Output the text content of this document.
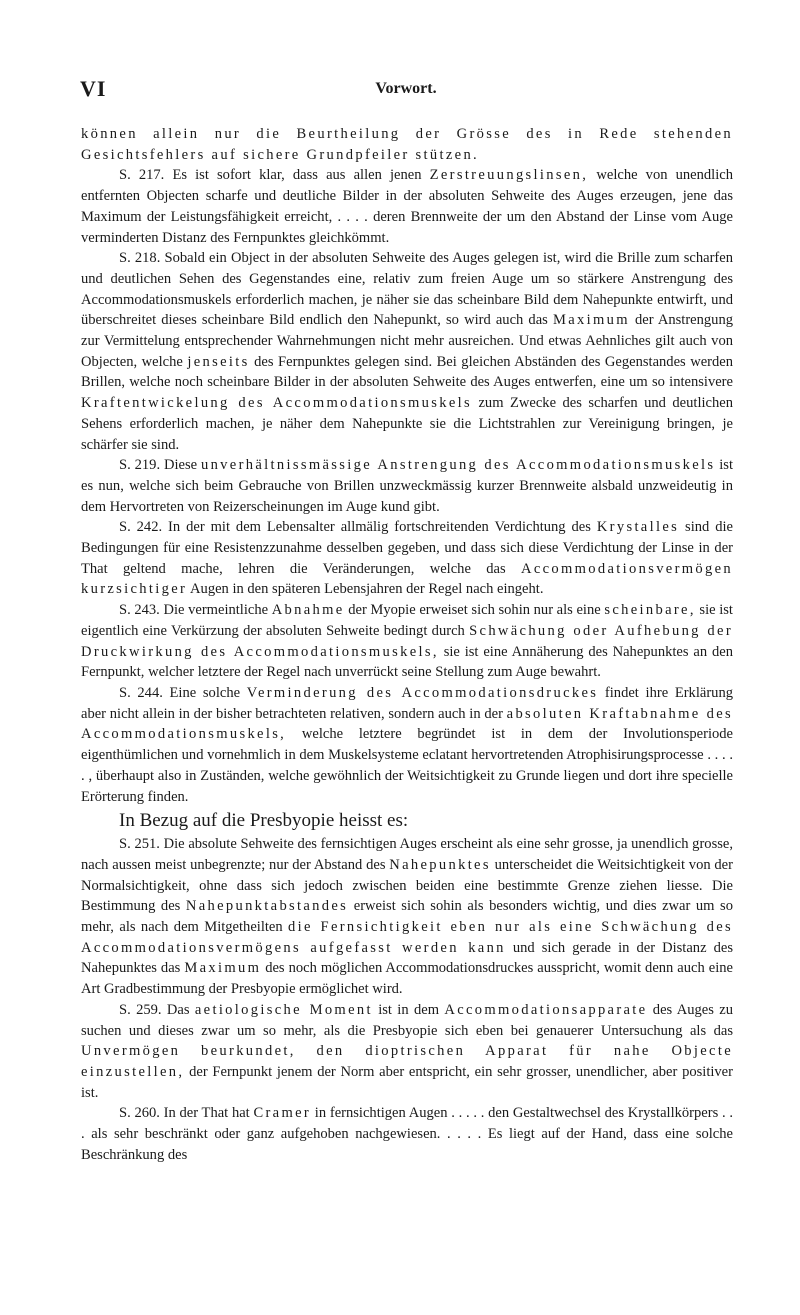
VI	Vorwort.

können allein nur die Beurtheilung der Grösse des in Rede stehenden Gesichtsfehlers auf sichere Grundpfeiler stützen.

S. 217. Es ist sofort klar, dass aus allen jenen Zerstreuungslinsen, welche von unendlich entfernten Objecten scharfe und deutliche Bilder in der absoluten Sehweite des Auges erzeugen, jene das Maximum der Leistungsfähigkeit erreicht, . . . . deren Brennweite der um den Abstand der Linse vom Auge verminderten Distanz des Fernpunktes gleichkömmt.

S. 218. Sobald ein Object in der absoluten Sehweite des Auges gelegen ist, wird die Brille zum scharfen und deutlichen Sehen des Gegenstandes eine, relativ zum freien Auge um so stärkere Anstrengung des Accommodationsmuskels erforderlich machen, je näher sie das scheinbare Bild dem Nahepunkte entwirft, und überschreitet dieses scheinbare Bild endlich den Nahepunkt, so wird auch das Maximum der Anstrengung zur Vermittelung entsprechender Wahrnehmungen nicht mehr ausreichen. Und etwas Aehnliches gilt auch von Objecten, welche jenseits des Fernpunktes gelegen sind. Bei gleichen Abständen des Gegenstandes werden Brillen, welche noch scheinbare Bilder in der absoluten Sehweite des Auges entwerfen, eine um so intensivere Kraftentwickelung des Accommodationsmuskels zum Zwecke des scharfen und deutlichen Sehens erforderlich machen, je näher dem Nahepunkte sie die Lichtstrahlen zur Vereinigung bringen, je schärfer sie sind.

S. 219. Diese unverhältnissmässige Anstrengung des Accommodationsmuskels ist es nun, welche sich beim Gebrauche von Brillen unzweckmässig kurzer Brennweite alsbald unzweideutig in dem Hervortreten von Reizerscheinungen im Auge kund gibt.

S. 242. In der mit dem Lebensalter allmälig fortschreitenden Verdichtung des Krystalles sind die Bedingungen für eine Resistenzzunahme desselben gegeben, und dass sich diese Verdichtung der Linse in der That geltend mache, lehren die Veränderungen, welche das Accommodationsvermögen kurzsichtiger Augen in den späteren Lebensjahren der Regel nach eingeht.

S. 243. Die vermeintliche Abnahme der Myopie erweiset sich sohin nur als eine scheinbare, sie ist eigentlich eine Verkürzung der absoluten Sehweite bedingt durch Schwächung oder Aufhebung der Druckwirkung des Accommodationsmuskels, sie ist eine Annäherung des Nahepunktes an den Fernpunkt, welcher letztere der Regel nach unverrückt seine Stellung zum Auge bewahrt.

S. 244. Eine solche Verminderung des Accommodationsdruckes findet ihre Erklärung aber nicht allein in der bisher betrachteten relativen, sondern auch in der absoluten Kraftabnahme des Accommodationsmuskels, welche letztere begründet ist in dem der Involutionsperiode eigenthümlichen und vornehmlich in dem Muskelsysteme eclatant hervortretenden Atrophisirungsprocesse . . . . . , überhaupt also in Zuständen, welche gewöhnlich der Weitsichtigkeit zu Grunde liegen und dort ihre specielle Erörterung finden.

In Bezug auf die Presbyopie heisst es:

S. 251. Die absolute Sehweite des fernsichtigen Auges erscheint als eine sehr grosse, ja unendlich grosse, nach aussen meist unbegrenzte; nur der Abstand des Nahepunktes unterscheidet die Weitsichtigkeit von der Normalsichtigkeit, ohne dass sich jedoch zwischen beiden eine bestimmte Grenze ziehen liesse. Die Bestimmung des Nahepunktabstandes erweist sich sohin als besonders wichtig, und dies zwar um so mehr, als nach dem Mitgetheilten die Fernsichtigkeit eben nur als eine Schwächung des Accommodationsvermögens aufgefasst werden kann und sich gerade in der Distanz des Nahepunktes das Maximum des noch möglichen Accommodationsdruckes ausspricht, womit denn auch eine Art Gradbestimmung der Presbyopie ermöglichet wird.

S. 259. Das aetiologische Moment ist in dem Accommodationsapparate des Auges zu suchen und dieses zwar um so mehr, als die Presbyopie sich eben bei genauerer Untersuchung als das Unvermögen beurkundet, den dioptrischen Apparat für nahe Objecte einzustellen, der Fernpunkt jenem der Norm aber entspricht, ein sehr grosser, unendlicher, aber positiver ist.

S. 260. In der That hat Cramer in fernsichtigen Augen . . . . . den Gestaltwechsel des Krystallkörpers . . . als sehr beschränkt oder ganz aufgehoben nachgewiesen. . . . . Es liegt auf der Hand, dass eine solche Beschränkung des
